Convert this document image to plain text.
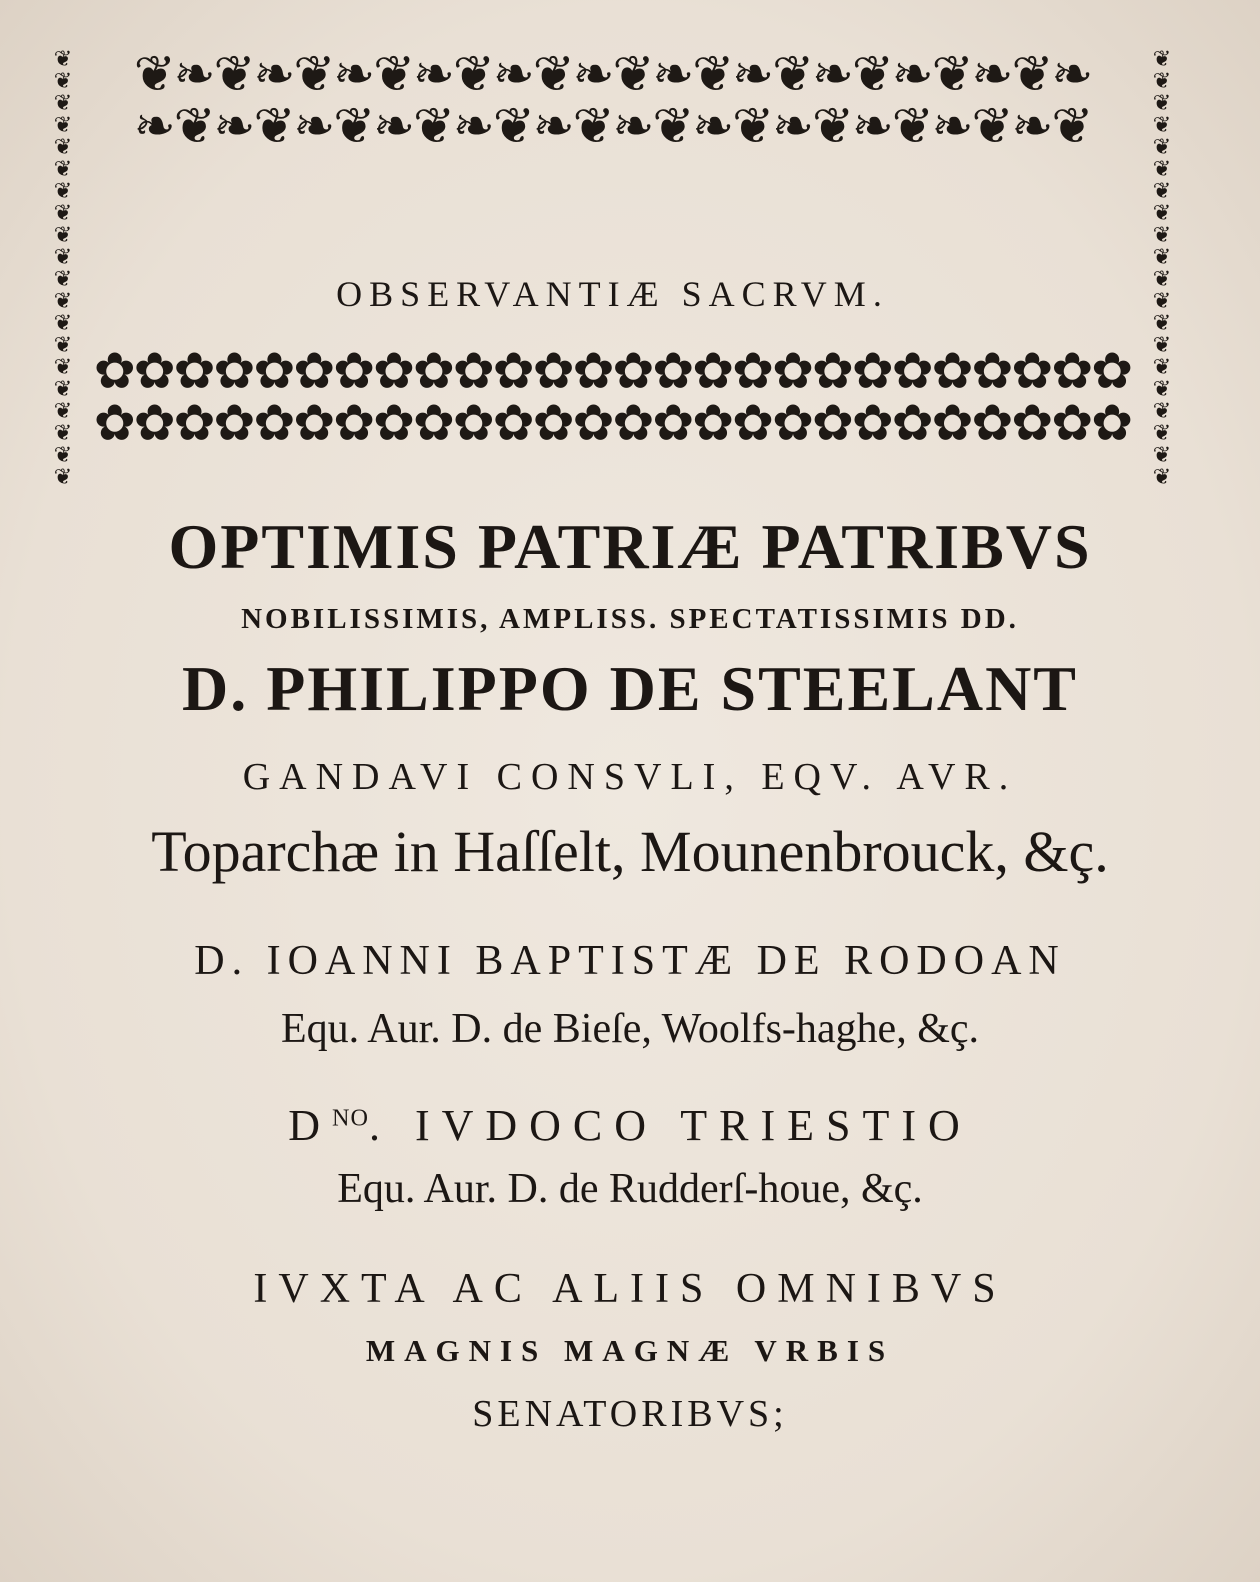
❦❧❦❧❦❧❦❧❦❧❦❧❦❧❦❧❦❧❦❧❦❧❦❧
❧❦❧❦❧❦❧❦❧❦❧❦❧❦❧❦❧❦❧❦❧❦❧❦
✿✿✿✿✿✿✿✿✿✿✿✿✿✿✿✿✿✿✿✿✿✿✿✿✿✿
✿✿✿✿✿✿✿✿✿✿✿✿✿✿✿✿✿✿✿✿✿✿✿✿✿✿
❦
❦
❦
❦
❦
❦
❦
❦
❦
❦
❦
❦
❦
❦
❦
❦
❦
❦
❦
❦

❦
❦
❦
❦
❦
❦
❦
❦
❦
❦
❦
❦
❦
❦
❦
❦
❦
❦
❦
❦

OBSERVANTIÆ SACRVM.
OPTIMIS PATRIÆ PATRIBVS
NOBILISSIMIS, AMPLISS. SPECTATISSIMIS DD.
D. PHILIPPO DE STEELANT
GANDAVI CONSVLI, EQV. AVR.
Toparchæ in Haſſelt, Mounenbrouck, &ç.
D. IOANNI BAPTISTÆ DE RODOAN
Equ. Aur. D. de Bieſe, Woolfs-haghe, &ç.
$D^{NO}$. IVDOCO TRIESTIO
Equ. Aur. D. de Rudderſ-houe, &ç.
IVXTA AC ALIIS OMNIBVS
MAGNIS MAGNÆ VRBIS
SENATORIBVS;
